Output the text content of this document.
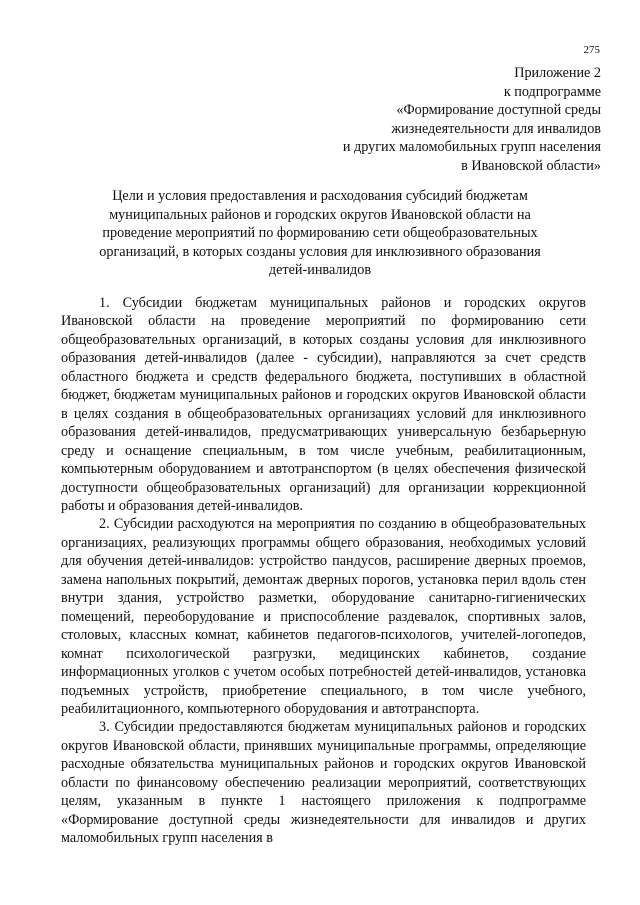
275
Приложение 2
к подпрограмме
«Формирование доступной среды
жизнедеятельности для инвалидов
и других маломобильных групп населения
в Ивановской области»
Цели и условия предоставления и расходования субсидий бюджетам
муниципальных районов и городских округов Ивановской области на
проведение мероприятий по формированию сети общеобразовательных
организаций, в которых созданы условия для инклюзивного образования
детей-инвалидов

1. Субсидии бюджетам муниципальных районов и городских округов Ивановской области на проведение мероприятий по формированию сети общеобразовательных организаций, в которых созданы условия для инклюзивного образования детей-инвалидов (далее - субсидии), направляются за счет средств областного бюджета и средств федерального бюджета, поступивших в областной бюджет, бюджетам муниципальных районов и городских округов Ивановской области в целях создания в общеобразовательных организациях условий для инклюзивного образования детей-инвалидов, предусматривающих универсальную безбарьерную среду и оснащение специальным, в том числе учебным, реабилитационным, компьютерным оборудованием и автотранспортом (в целях обеспечения физической доступности общеобразовательных организаций) для организации коррекционной работы и образования детей-инвалидов.

2. Субсидии расходуются на мероприятия по созданию в общеобразовательных организациях, реализующих программы общего образования, необходимых условий для обучения детей-инвалидов: устройство пандусов, расширение дверных проемов, замена напольных покрытий, демонтаж дверных порогов, установка перил вдоль стен внутри здания, устройство разметки, оборудование санитарно-гигиенических помещений, переоборудование и приспособление раздевалок, спортивных залов, столовых, классных комнат, кабинетов педагогов-психологов, учителей-логопедов, комнат психологической разгрузки, медицинских кабинетов, создание информационных уголков с учетом особых потребностей детей-инвалидов, установка подъемных устройств, приобретение специального, в том числе учебного, реабилитационного, компьютерного оборудования и автотранспорта.

3. Субсидии предоставляются бюджетам муниципальных районов и городских округов Ивановской области, принявших муниципальные программы, определяющие расходные обязательства муниципальных районов и городских округов Ивановской области по финансовому обеспечению реализации мероприятий, соответствующих целям, указанным в пункте 1 настоящего приложения к подпрограмме «Формирование доступной среды жизнедеятельности для инвалидов и других маломобильных групп населения в
